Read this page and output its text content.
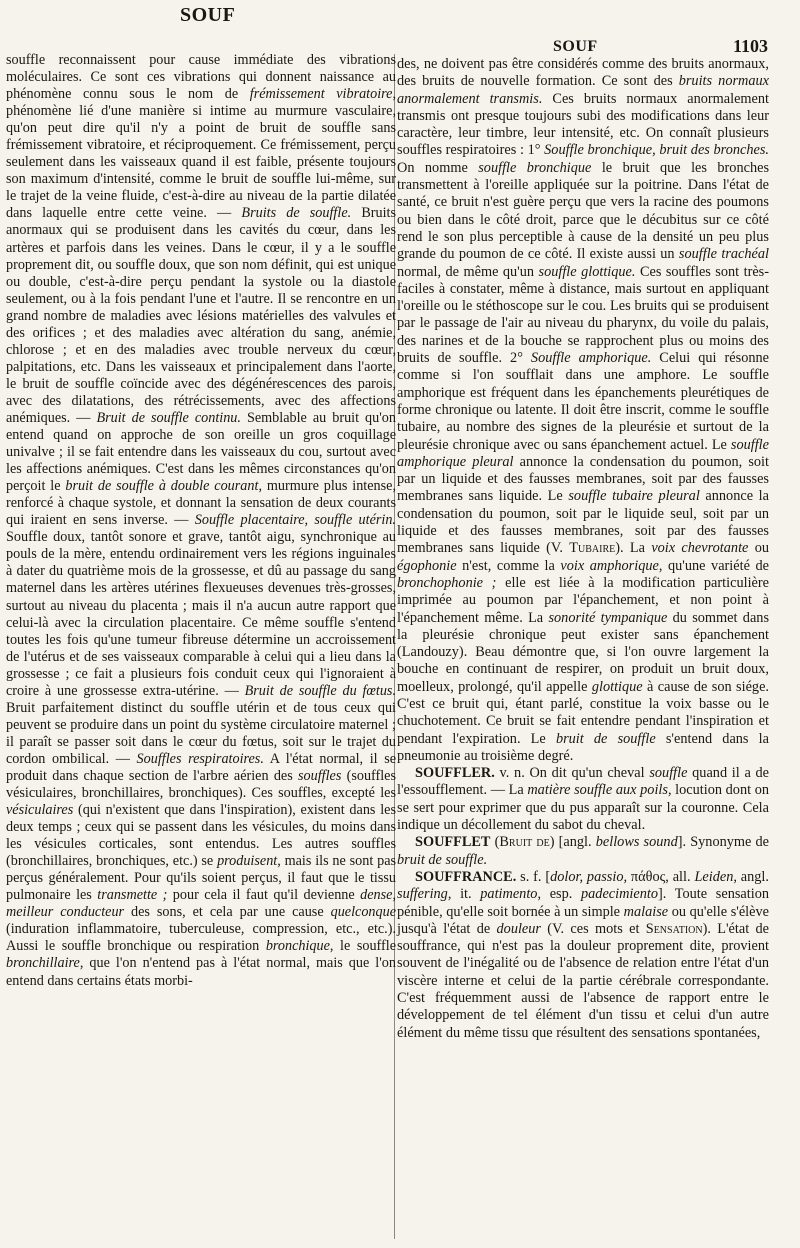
SOUF
SOUF	1103

souffle reconnaissent pour cause immédiate des vibrations moléculaires. Ce sont ces vibrations qui donnent naissance au phénomène connu sous le nom de frémissement vibratoire, phénomène lié d'une manière si intime au murmure vasculaire, qu'on peut dire qu'il n'y a point de bruit de souffle sans frémissement vibratoire, et réciproquement. Ce frémissement, perçu seulement dans les vaisseaux quand il est faible, présente toujours son maximum d'intensité, comme le bruit de souffle lui-même, sur le trajet de la veine fluide, c'est-à-dire au niveau de la partie dilatée dans laquelle entre cette veine. — Bruits de souffle. Bruits anormaux qui se produisent dans les cavités du cœur, dans les artères et parfois dans les veines. Dans le cœur, il y a le souffle proprement dit, ou souffle doux, que son nom définit, qui est unique ou double, c'est-à-dire perçu pendant la systole ou la diastole seulement, ou à la fois pendant l'une et l'autre. Il se rencontre en un grand nombre de maladies avec lésions matérielles des valvules et des orifices ; et des maladies avec altération du sang, anémie, chlorose ; et en des maladies avec trouble nerveux du cœur, palpitations, etc. Dans les vaisseaux et principalement dans l'aorte, le bruit de souffle coïncide avec des dégénérescences des parois, avec des dilatations, des rétrécissements, avec des affections anémiques. — Bruit de souffle continu. Semblable au bruit qu'on entend quand on approche de son oreille un gros coquillage univalve ; il se fait entendre dans les vaisseaux du cou, surtout avec les affections anémiques. C'est dans les mêmes circonstances qu'on perçoit le bruit de souffle à double courant, murmure plus intense, renforcé à chaque systole, et donnant la sensation de deux courants qui iraient en sens inverse. — Souffle placentaire, souffle utérin. Souffle doux, tantôt sonore et grave, tantôt aigu, synchronique au pouls de la mère, entendu ordinairement vers les régions inguinales à dater du quatrième mois de la grossesse, et dû au passage du sang maternel dans les artères utérines flexueuses devenues très-grosses, surtout au niveau du placenta ; mais il n'a aucun autre rapport que celui-là avec la circulation placentaire. Ce même souffle s'entend toutes les fois qu'une tumeur fibreuse détermine un accroissement de l'utérus et de ses vaisseaux comparable à celui qui a lieu dans la grossesse ; ce fait a plusieurs fois conduit ceux qui l'ignoraient à croire à une grossesse extra-utérine. — Bruit de souffle du fœtus. Bruit parfaitement distinct du souffle utérin et de tous ceux qui peuvent se produire dans un point du système circulatoire maternel ; il paraît se passer soit dans le cœur du fœtus, soit sur le trajet du cordon ombilical. — Souffles respiratoires. A l'état normal, il se produit dans chaque section de l'arbre aérien des souffles (souffles vésiculaires, bronchillaires, bronchiques). Ces souffles, excepté les vésiculaires (qui n'existent que dans l'inspiration), existent dans les deux temps ; ceux qui se passent dans les vésicules, du moins dans les vésicules corticales, sont entendus. Les autres souffles (bronchillaires, bronchiques, etc.) se produisent, mais ils ne sont pas perçus généralement. Pour qu'ils soient perçus, il faut que le tissu pulmonaire les transmette ; pour cela il faut qu'il devienne dense, meilleur conducteur des sons, et cela par une cause quelconque (induration inflammatoire, tuberculeuse, compression, etc., etc.). Aussi le souffle bronchique ou respiration bronchique, le souffle bronchillaire, que l'on n'entend pas à l'état normal, mais que l'on entend dans certains états morbi-

des, ne doivent pas être considérés comme des bruits anormaux, des bruits de nouvelle formation. Ce sont des bruits normaux anormalement transmis. Ces bruits normaux anormalement transmis ont presque toujours subi des modifications dans leur caractère, leur timbre, leur intensité, etc. On connaît plusieurs souffles respiratoires : 1° Souffle bronchique, bruit des bronches. On nomme souffle bronchique le bruit que les bronches transmettent à l'oreille appliquée sur la poitrine. Dans l'état de santé, ce bruit n'est guère perçu que vers la racine des poumons ou bien dans le côté droit, parce que le décubitus sur ce côté rend le son plus perceptible à cause de la densité un peu plus grande du poumon de ce côté. Il existe aussi un souffle trachéal normal, de même qu'un souffle glottique. Ces souffles sont très-faciles à constater, même à distance, mais surtout en appliquant l'oreille ou le stéthoscope sur le cou. Les bruits qui se produisent par le passage de l'air au niveau du pharynx, du voile du palais, des narines et de la bouche se rapprochent plus ou moins des bruits de souffle. 2° Souffle amphorique. Celui qui résonne comme si l'on soufflait dans une amphore. Le souffle amphorique est fréquent dans les épanchements pleurétiques de forme chronique ou latente. Il doit être inscrit, comme le souffle tubaire, au nombre des signes de la pleurésie et surtout de la pleurésie chronique avec ou sans épanchement actuel. Le souffle amphorique pleural annonce la condensation du poumon, soit par un liquide et des fausses membranes, soit par des fausses membranes sans liquide. Le souffle tubaire pleural annonce la condensation du poumon, soit par le liquide seul, soit par un liquide et des fausses membranes, soit par des fausses membranes sans liquide (V. Tubaire). La voix chevrotante ou égophonie n'est, comme la voix amphorique, qu'une variété de bronchophonie ; elle est liée à la modification particulière imprimée au poumon par l'épanchement, et non point à l'épanchement même. La sonorité tympanique du sommet dans la pleurésie chronique peut exister sans épanchement (Landouzy). Beau démontre que, si l'on ouvre largement la bouche en continuant de respirer, on produit un bruit doux, moelleux, prolongé, qu'il appelle glottique à cause de son siége. C'est ce bruit qui, étant parlé, constitue la voix basse ou le chuchotement. Ce bruit se fait entendre pendant l'inspiration et pendant l'expiration. Le bruit de souffle s'entend dans la pneumonie au troisième degré.

SOUFFLER. v. n. On dit qu'un cheval souffle quand il a de l'essoufflement. — La matière souffle aux poils, locution dont on se sert pour exprimer que du pus apparaît sur la couronne. Cela indique un décollement du sabot du cheval.

SOUFFLET (Bruit de) [angl. bellows sound]. Synonyme de bruit de souffle.

SOUFFRANCE. s. f. [dolor, passio, πάθος, all. Leiden, angl. suffering, it. patimento, esp. padecimiento]. Toute sensation pénible, qu'elle soit bornée à un simple malaise ou qu'elle s'élève jusqu'à l'état de douleur (V. ces mots et Sensation). L'état de souffrance, qui n'est pas la douleur proprement dite, provient souvent de l'inégalité ou de l'absence de relation entre l'état d'un viscère interne et celui de la partie cérébrale correspondante. C'est fréquemment aussi de l'absence de rapport entre le développement de tel élément d'un tissu et celui d'un autre élément du même tissu que résultent des sensations spontanées,
